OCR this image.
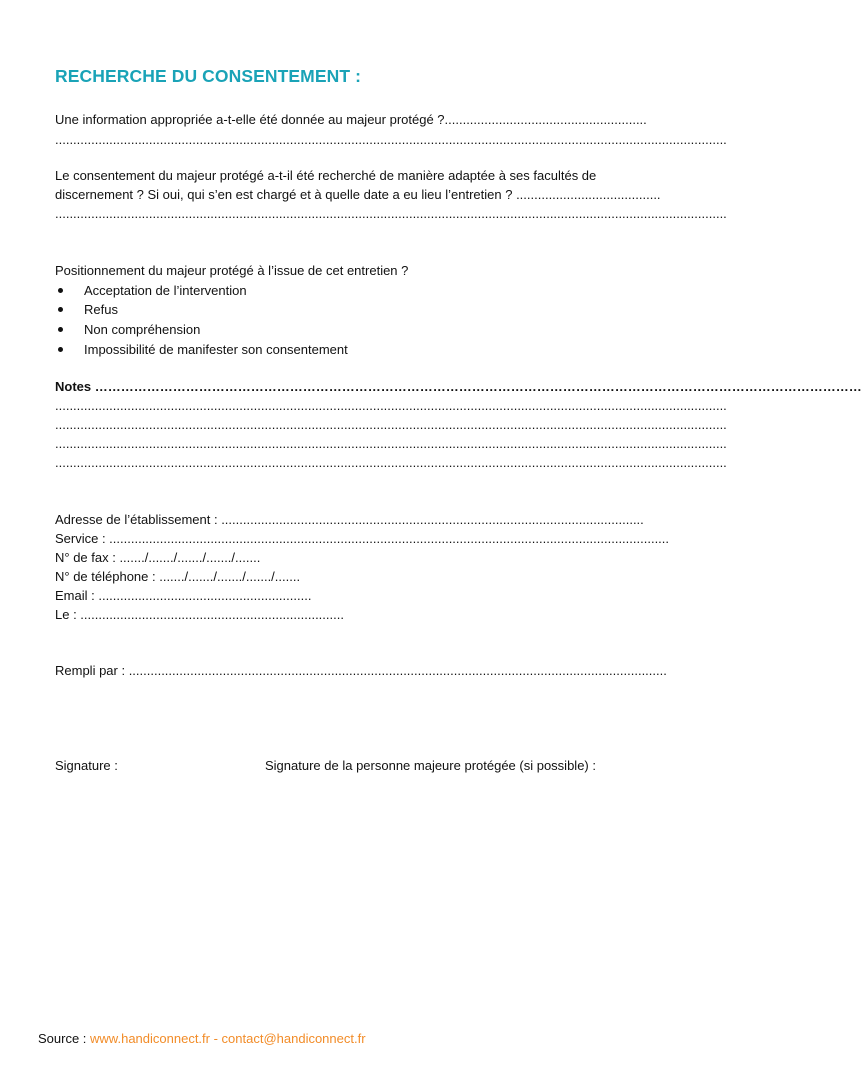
RECHERCHE DU CONSENTEMENT :
Une information appropriée a-t-elle été donnée au majeur protégé ?........................................................
..........................................................................................................................................................................................
Le consentement du majeur protégé a-t-il été recherché de manière adaptée à ses facultés de
discernement ? Si oui, qui s’en est chargé et à quelle date a eu lieu l’entretien ? ........................................
..........................................................................................................................................................................................
Positionnement du majeur protégé à l’issue de cet entretien ?
Acceptation de l’intervention
Refus
Non compréhension
Impossibilité de manifester son consentement
Notes ……………………………………………………………………………………………………………………………………………………………
..........................................................................................................................................................................................
..........................................................................................................................................................................................
..........................................................................................................................................................................................
..........................................................................................................................................................................................
Adresse de l’établissement : .....................................................................................................................
Service : ...........................................................................................................................................................
N° de fax : ......./......./......./......./.......
N° de téléphone : ......./......./......./......./.......
Email : ...........................................................
Le : .........................................................................
Rempli par : .....................................................................................................................................................
Signature :	Signature de la personne majeure protégée (si possible) :
Source : www.handiconnect.fr - contact@handiconnect.fr
